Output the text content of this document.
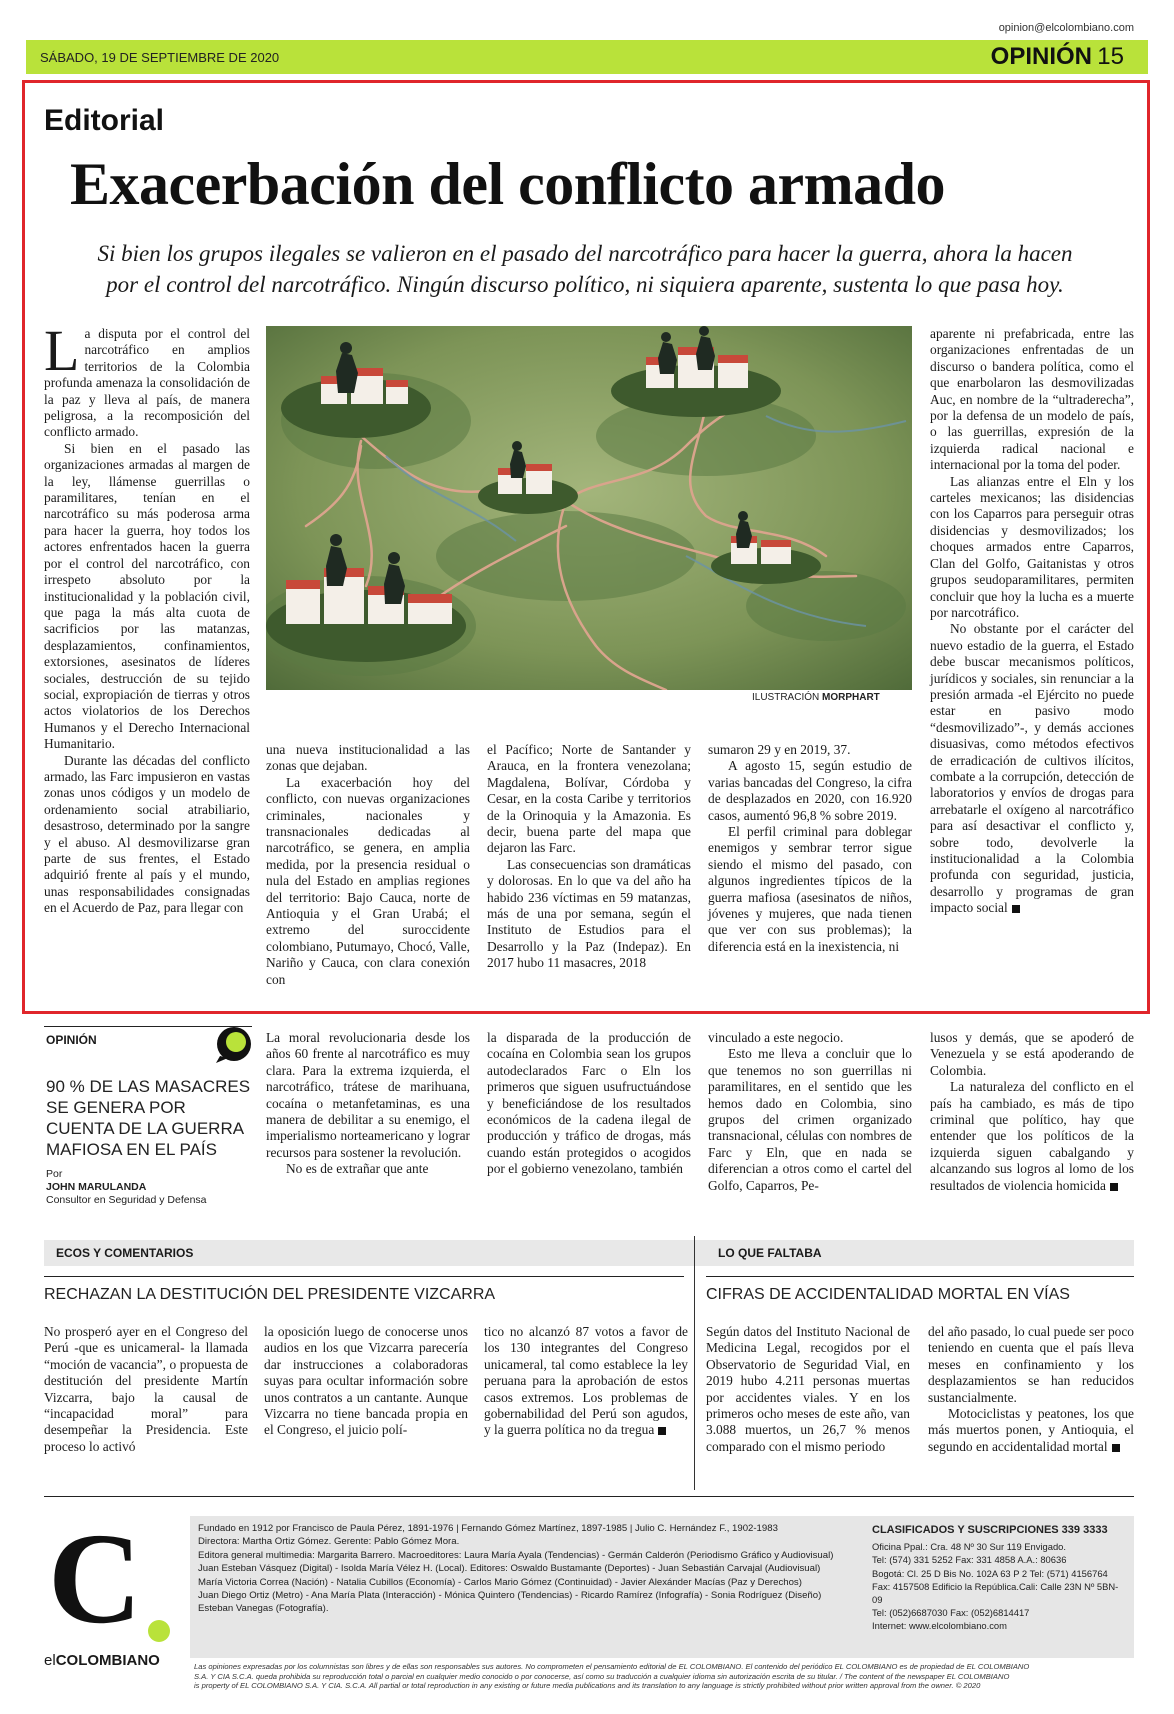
opinion@elcolombiano.com
SÁBADO, 19 DE SEPTIEMBRE DE 2020	OPINIÓN 15
Editorial
Exacerbación del conflicto armado
Si bien los grupos ilegales se valieron en el pasado del narcotráfico para hacer la guerra, ahora la hacen
por el control del narcotráfico. Ningún discurso político, ni siquiera aparente, sustenta lo que pasa hoy.
ILUSTRACIÓN MORPHART

La disputa por el control del narcotráfico en amplios territorios de la Colombia profunda amenaza la consolidación de la paz y lleva al país, de manera peligrosa, a la recomposición del conflicto armado.

Si bien en el pasado las organizaciones armadas al margen de la ley, llámense guerrillas o paramilitares, tenían en el narcotráfico su más poderosa arma para hacer la guerra, hoy todos los actores enfrentados hacen la guerra por el control del narcotráfico, con irrespeto absoluto por la institucionalidad y la población civil, que paga la más alta cuota de sacrificios por las matanzas, desplazamientos, confinamientos, extorsiones, asesinatos de líderes sociales, destrucción de su tejido social, expropiación de tierras y otros actos violatorios de los Derechos Humanos y el Derecho Internacional Humanitario.

Durante las décadas del conflicto armado, las Farc impusieron en vastas zonas unos códigos y un modelo de ordenamiento social atrabiliario, desastroso, determinado por la sangre y el abuso. Al desmovilizarse gran parte de sus frentes, el Estado adquirió frente al país y el mundo, unas responsabilidades consignadas en el Acuerdo de Paz, para llegar con

una nueva institucionalidad a las zonas que dejaban.

La exacerbación hoy del conflicto, con nuevas organizaciones criminales, nacionales y transnacionales dedicadas al narcotráfico, se genera, en amplia medida, por la presencia residual o nula del Estado en amplias regiones del territorio: Bajo Cauca, norte de Antioquia y el Gran Urabá; el extremo del suroccidente colombiano, Putumayo, Chocó, Valle, Nariño y Cauca, con clara conexión con

el Pacífico; Norte de Santander y Arauca, en la frontera venezolana; Magdalena, Bolívar, Córdoba y Cesar, en la costa Caribe y territorios de la Orinoquia y la Amazonia. Es decir, buena parte del mapa que dejaron las Farc.

Las consecuencias son dramáticas y dolorosas. En lo que va del año ha habido 236 víctimas en 59 matanzas, más de una por semana, según el Instituto de Estudios para el Desarrollo y la Paz (Indepaz). En 2017 hubo 11 masacres, 2018

sumaron 29 y en 2019, 37.

A agosto 15, según estudio de varias bancadas del Congreso, la cifra de desplazados en 2020, con 16.920 casos, aumentó 96,8 % sobre 2019.

El perfil criminal para doblegar enemigos y sembrar terror sigue siendo el mismo del pasado, con algunos ingredientes típicos de la guerra mafiosa (asesinatos de niños, jóvenes y mujeres, que nada tienen que ver con sus problemas); la diferencia está en la inexistencia, ni

aparente ni prefabricada, entre las organizaciones enfrentadas de un discurso o bandera política, como el que enarbolaron las desmovilizadas Auc, en nombre de la “ultraderecha”, por la defensa de un modelo de país, o las guerrillas, expresión de la izquierda radical nacional e internacional por la toma del poder.

Las alianzas entre el Eln y los carteles mexicanos; las disidencias con los Caparros para perseguir otras disidencias y desmovilizados; los choques armados entre Caparros, Clan del Golfo, Gaitanistas y otros grupos seudoparamilitares, permiten concluir que hoy la lucha es a muerte por narcotráfico.

No obstante por el carácter del nuevo estadio de la guerra, el Estado debe buscar mecanismos políticos, jurídicos y sociales, sin renunciar a la presión armada -el Ejército no puede estar en pasivo modo “desmovilizado”-, y demás acciones disuasivas, como métodos efectivos de erradicación de cultivos ilícitos, combate a la corrupción, detección de laboratorios y envíos de drogas para arrebatarle el oxígeno al narcotráfico para así desactivar el conflicto y, sobre todo, devolverle la institucionalidad a la Colombia profunda con seguridad, justicia, desarrollo y programas de gran impacto social

OPINIÓN
90 % DE LAS MASACRES SE GENERA POR CUENTA DE LA GUERRA MAFIOSA EN EL PAÍS
Por
JOHN MARULANDA
Consultor en Seguridad y Defensa

La moral revolucionaria desde los años 60 frente al narcotráfico es muy clara. Para la extrema izquierda, el narcotráfico, trátese de marihuana, cocaína o metanfetaminas, es una manera de debilitar a su enemigo, el imperialismo norteamericano y lograr recursos para sostener la revolución.

No es de extrañar que ante

la disparada de la producción de cocaína en Colombia sean los grupos autodeclarados Farc o Eln los primeros que siguen usufructuándose y beneficiándose de los resultados económicos de la cadena ilegal de producción y tráfico de drogas, más cuando están protegidos o acogidos por el gobierno venezolano, también

vinculado a este negocio.

Esto me lleva a concluir que lo que tenemos no son guerrillas ni paramilitares, en el sentido que les hemos dado en Colombia, sino grupos del crimen organizado transnacional, células con nombres de Farc y Eln, que en nada se diferencian a otros como el cartel del Golfo, Caparros, Pe-

lusos y demás, que se apoderó de Venezuela y se está apoderando de Colombia.

La naturaleza del conflicto en el país ha cambiado, es más de tipo criminal que político, hay que entender que los políticos de la izquierda siguen cabalgando y alcanzando sus logros al lomo de los resultados de violencia homicida

ECOS Y COMENTARIOS	LO QUE FALTABA
RECHAZAN LA DESTITUCIÓN DEL PRESIDENTE VIZCARRA	CIFRAS DE ACCIDENTALIDAD MORTAL EN VÍAS
No prosperó ayer en el Congreso del Perú -que es unicameral- la llamada “moción de vacancia”, o propuesta de destitución del presidente Martín Vizcarra, bajo la causal de “incapacidad moral” para desempeñar la Presidencia. Este proceso lo activó
la oposición luego de conocerse unos audios en los que Vizcarra parecería dar instrucciones a colaboradoras suyas para ocultar información sobre unos contratos a un cantante. Aunque Vizcarra no tiene bancada propia en el Congreso, el juicio polí-
tico no alcanzó 87 votos a favor de los 130 integrantes del Congreso unicameral, tal como establece la ley peruana para la aprobación de estos casos extremos. Los problemas de gobernabilidad del Perú son agudos, y la guerra política no da tregua
Según datos del Instituto Nacional de Medicina Legal, recogidos por el Observatorio de Seguridad Vial, en 2019 hubo 4.211 personas muertas por accidentes viales. Y en los primeros ocho meses de este año, van 3.088 muertos, un 26,7 % menos comparado con el mismo periodo

del año pasado, lo cual puede ser poco teniendo en cuenta que el país lleva meses en confinamiento y los desplazamientos se han reducidos sustancialmente.

Motociclistas y peatones, los que más muertos ponen, y Antioquia, el segundo en accidentalidad mortal

C
elCOLOMBIANO
Fundado en 1912 por Francisco de Paula Pérez, 1891-1976 | Fernando Gómez Martínez, 1897-1985 | Julio C. Hernández F., 1902-1983
Directora: Martha Ortiz Gómez. Gerente: Pablo Gómez Mora.
Editora general multimedia: Margarita Barrero. Macroeditores: Laura María Ayala (Tendencias) - Germán Calderón (Periodismo Gráfico y Audiovisual)
Juan Esteban Vásquez (Digital) - Isolda María Vélez H. (Local). Editores: Oswaldo Bustamante (Deportes) - Juan Sebastián Carvajal (Audiovisual)
María Victoria Correa (Nación) - Natalia Cubillos (Economía) - Carlos Mario Gómez (Continuidad) - Javier Alexánder Macías (Paz y Derechos)
Juan Diego Ortiz (Metro) - Ana María Plata (Interacción) - Mónica Quintero (Tendencias) - Ricardo Ramírez (Infografía) - Sonia Rodríguez (Diseño)
Esteban Vanegas (Fotografía).
CLASIFICADOS Y SUSCRIPCIONES 339 3333
Oficina Ppal.: Cra. 48 Nº 30 Sur 119 Envigado.
Tel: (574) 331 5252 Fax: 331 4858 A.A.: 80636
Bogotá: Cl. 25 D Bis No. 102A 63 P 2 Tel: (571) 4156764
Fax: 4157508 Edificio la República.Cali: Calle 23N Nº 5BN-09
Tel: (052)6687030 Fax: (052)6814417
Internet: www.elcolombiano.com
Las opiniones expresadas por los columnistas son libres y de ellas son responsables sus autores. No comprometen el pensamiento editorial de EL COLOMBIANO. El contenido del periódico EL COLOMBIANO es de propiedad de EL COLOMBIANO
S.A. Y CIA S.C.A. queda prohibida su reproducción total o parcial en cualquier medio conocido o por conocerse, así como su traducción a cualquier idioma sin autorización escrita de su titular. / The content of the newspaper EL COLOMBIANO
is property of EL COLOMBIANO S.A. Y CIA. S.C.A. All partial or total reproduction in any existing or future media publications and its translation to any language is strictly prohibited without prior written approval from the owner. © 2020
